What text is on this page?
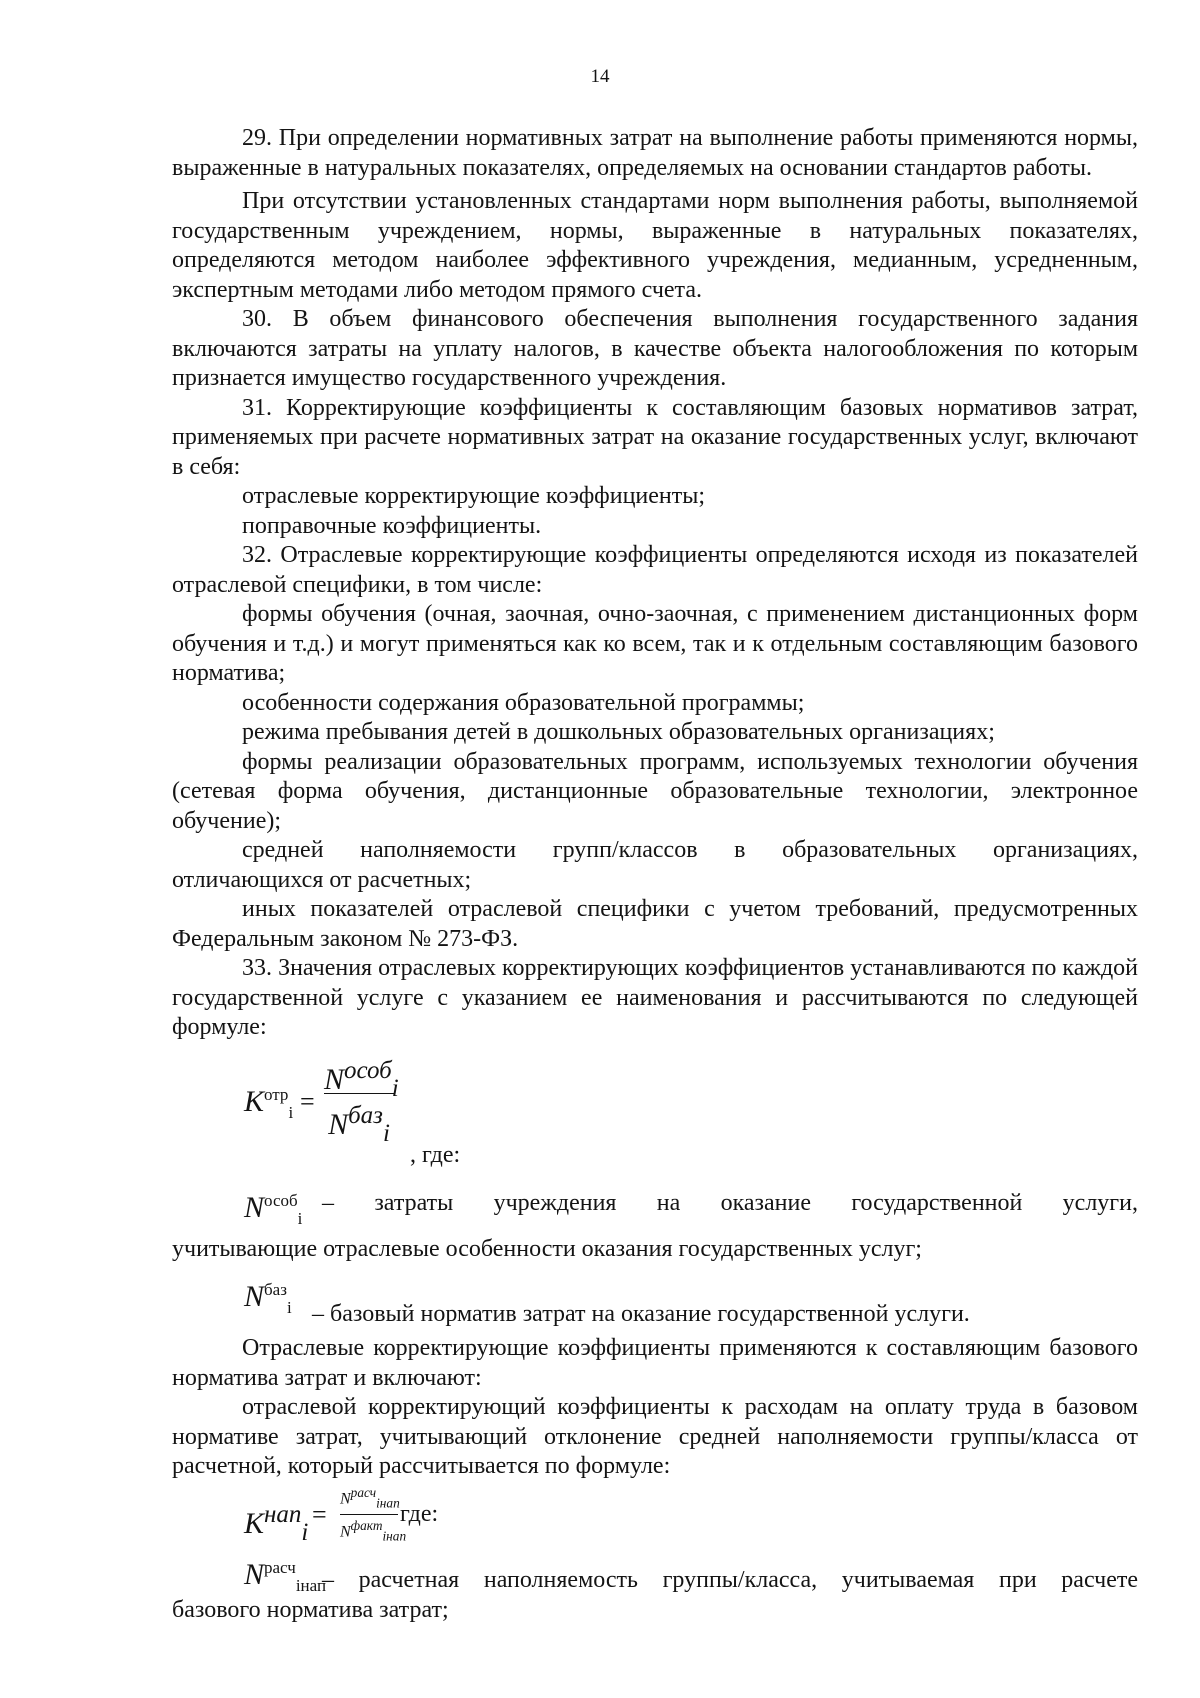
14

29. При определении нормативных затрат на выполнение работы применяются нормы, выраженные в натуральных показателях, определяемых на основании стандартов работы.

При отсутствии установленных стандартами норм выполнения работы, выполняемой государственным учреждением, нормы, выраженные в натуральных показателях, определяются методом наиболее эффективного учреждения, медианным, усредненным, экспертным методами либо методом прямого счета.

30. В объем финансового обеспечения выполнения государственного задания включаются затраты на уплату налогов, в качестве объекта налогообложения по которым признается имущество государственного учреждения.

31. Корректирующие коэффициенты к составляющим базовых нормативов затрат, применяемых при расчете нормативных затрат на оказание государственных услуг, включают в себя:

отраслевые корректирующие коэффициенты;

поправочные коэффициенты.

32. Отраслевые корректирующие коэффициенты определяются исходя из показателей отраслевой специфики, в том числе:

формы обучения (очная, заочная, очно-заочная, с применением дистанционных форм обучения и т.д.) и могут применяться как ко всем, так и к отдельным составляющим базового норматива;

особенности содержания образовательной программы;

режима пребывания детей в дошкольных образовательных организациях;

формы реализации образовательных программ, используемых технологии обучения (сетевая форма обучения, дистанционные образовательные технологии, электронное обучение);

средней наполняемости групп/классов в образовательных организациях, отличающихся от расчетных;

иных показателей отраслевой специфики с учетом требований, предусмотренных Федеральным законом № 273-ФЗ.

33. Значения отраслевых корректирующих коэффициентов устанавливаются по каждой государственной услуге с указанием ее наименования и рассчитываются по следующей формуле:

$K^{отр}_i$ =
$N^{особ}_i$
$N^{баз}_i$
, где:
$N^{особ}_i$
– затраты учреждения на оказание государственной услуги,

учитывающие отраслевые особенности оказания государственных услуг;

$N^{баз}_i$ – базовый норматив затрат на оказание государственной услуги.

Отраслевые корректирующие коэффициенты применяются к составляющим базового норматива затрат и включают:

отраслевой корректирующий коэффициенты к расходам на оплату труда в базовом нормативе затрат, учитывающий отклонение средней наполняемости группы/класса от расчетной, который рассчитывается по формуле:

$K^{нап}_i$
=
$N^{расч}_{iнап}$
$N^{факт}_{iнап}$
где:
$N^{расч}_{iнап}$
– расчетная наполняемость группы/класса, учитываемая при расчете
базового норматива затрат;
